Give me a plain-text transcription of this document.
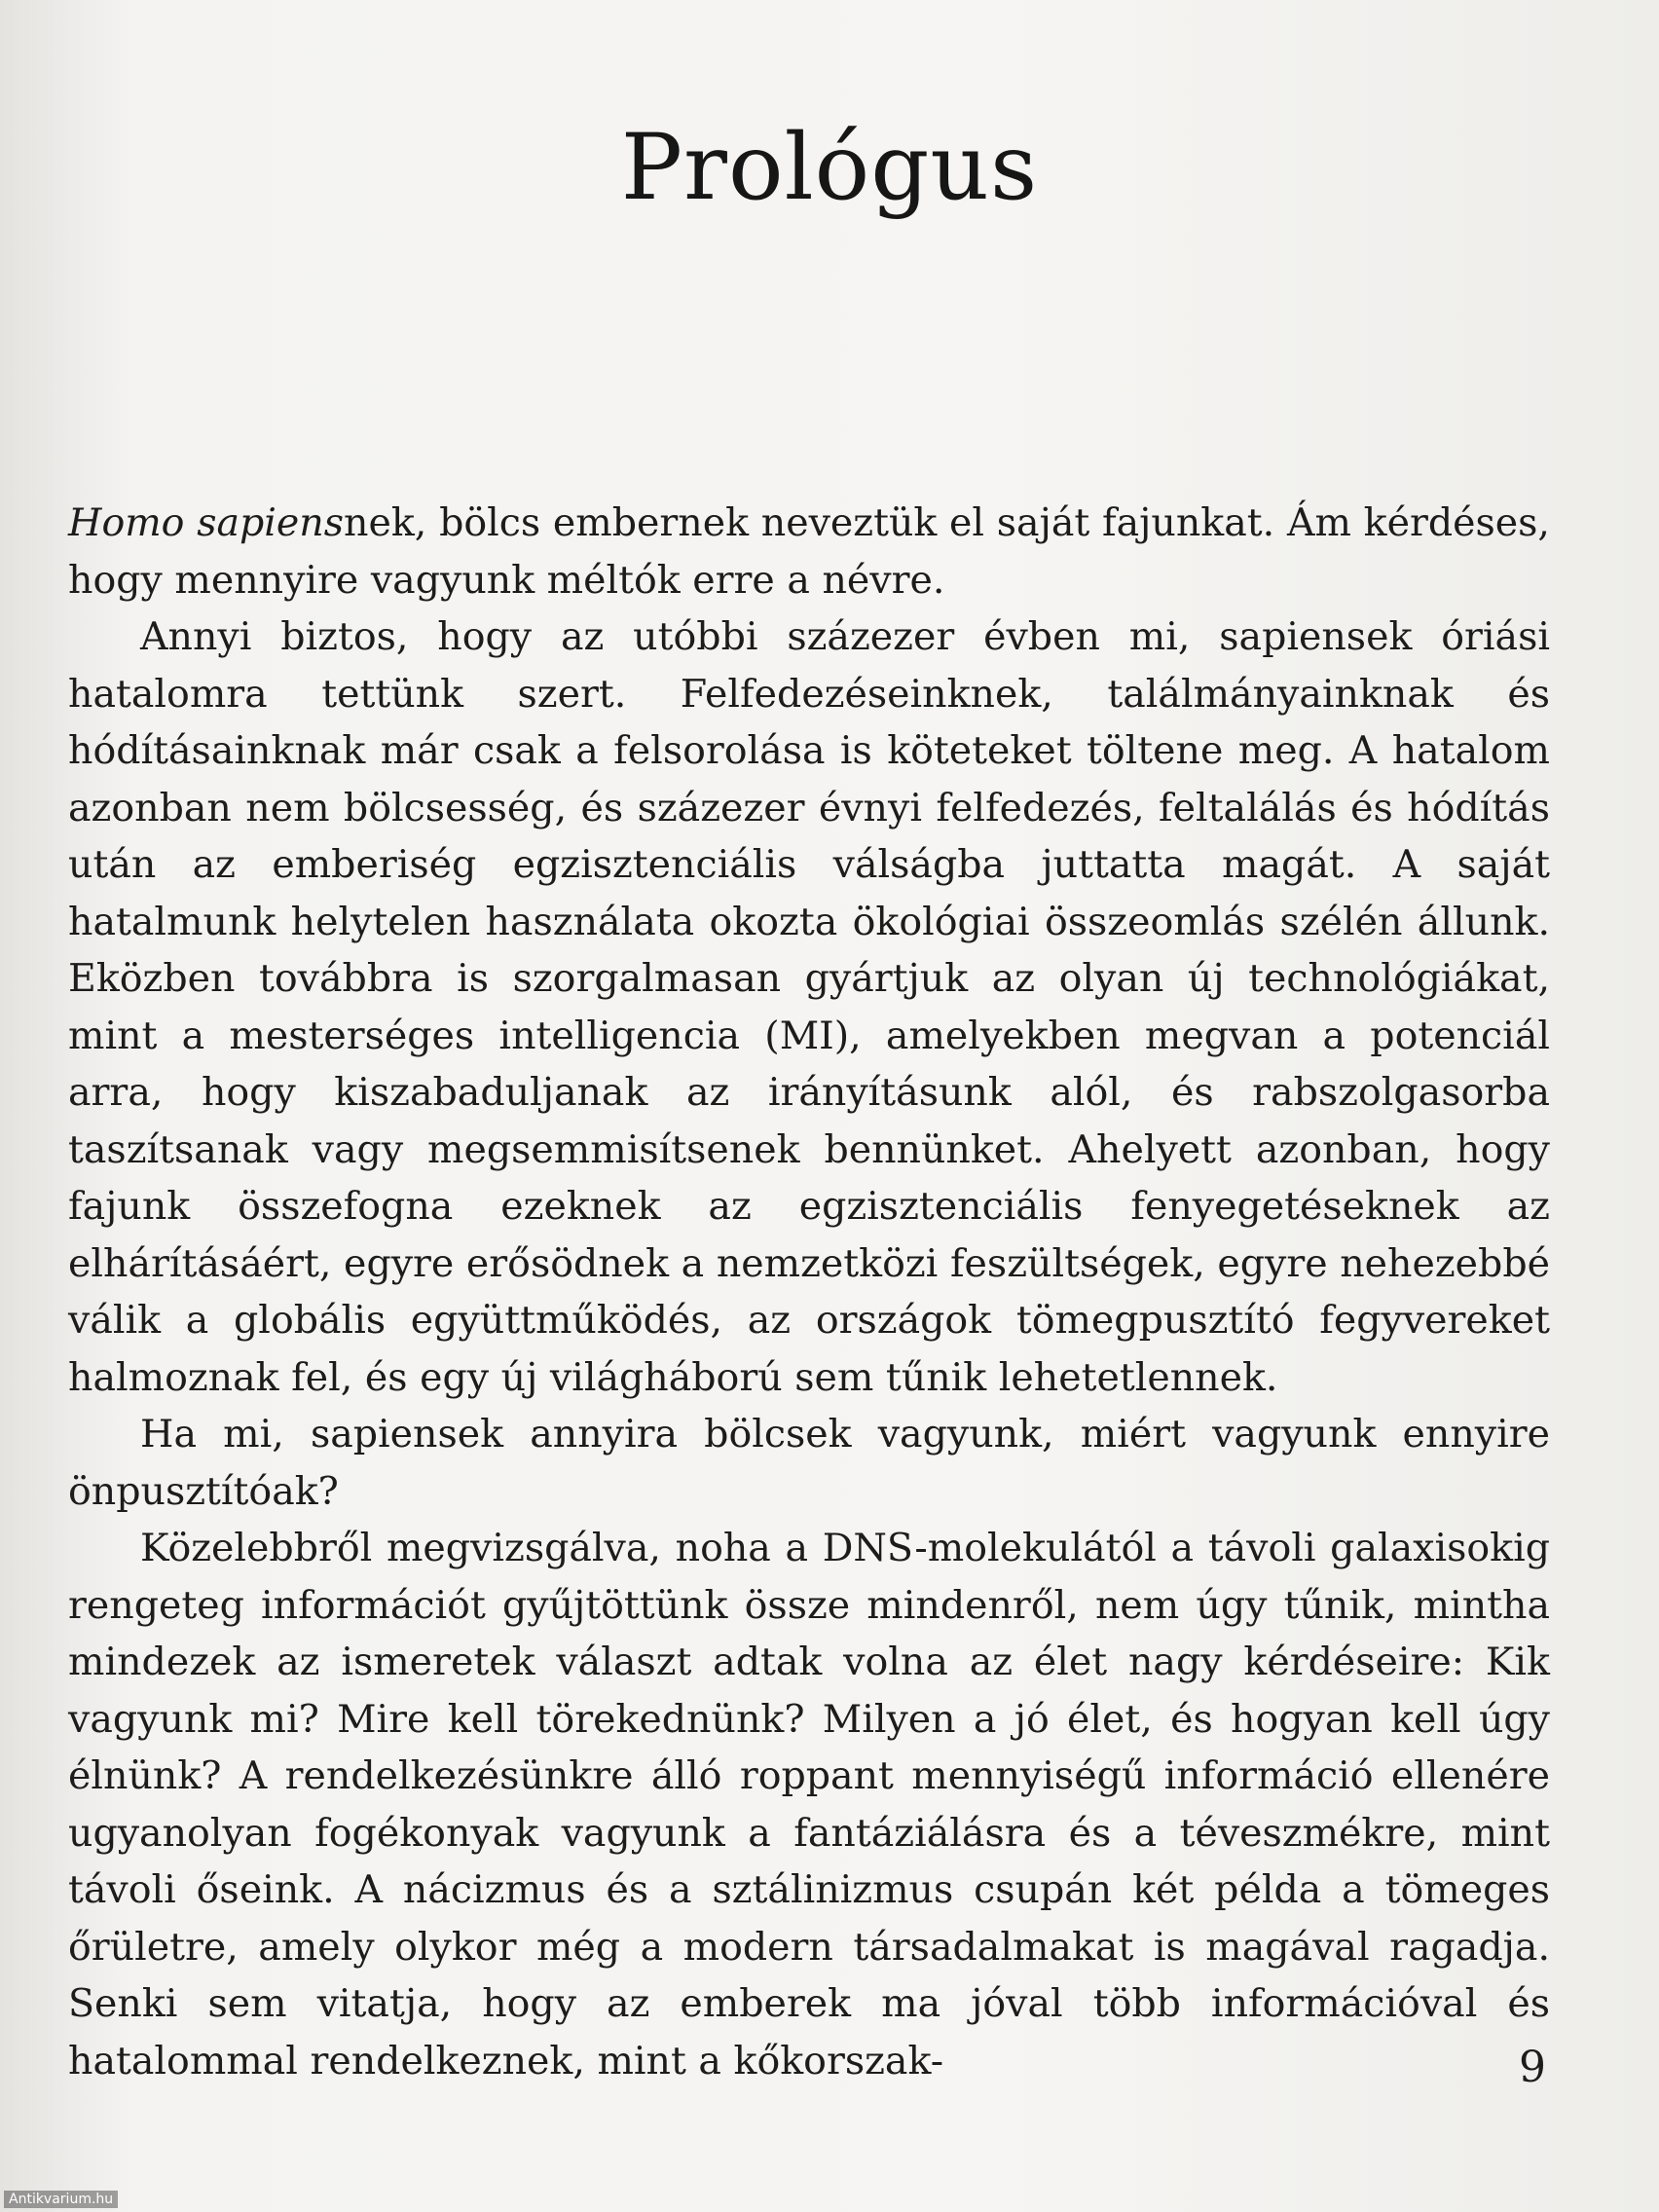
Prológus

Homo sapiensnek, bölcs embernek neveztük el saját fajunkat. Ám kérdéses, hogy mennyire vagyunk méltók erre a névre.

Annyi biztos, hogy az utóbbi százezer évben mi, sapiensek óriási hatalomra tettünk szert. Felfedezéseinknek, találmányainknak és hódításainknak már csak a felsorolása is köteteket töltene meg. A hatalom azonban nem bölcsesség, és százezer évnyi felfedezés, feltalálás és hódítás után az emberiség egzisztenciális válságba juttatta magát. A saját hatalmunk helytelen használata okozta ökológiai összeomlás szélén állunk. Eközben továbbra is szorgalmasan gyártjuk az olyan új technológiákat, mint a mesterséges intelligencia (MI), amelyekben megvan a potenciál arra, hogy kiszabaduljanak az irányításunk alól, és rabszolgasorba taszítsanak vagy megsemmisítsenek bennünket. Ahelyett azonban, hogy fajunk összefogna ezeknek az egzisztenciális fenyegetéseknek az elhárításáért, egyre erősödnek a nemzetközi feszültségek, egyre nehezebbé válik a globális együttműködés, az országok tömegpusztító fegyvereket halmoznak fel, és egy új világháború sem tűnik lehetetlennek.

Ha mi, sapiensek annyira bölcsek vagyunk, miért vagyunk ennyire önpusztítóak?

Közelebbről megvizsgálva, noha a DNS-molekulától a távoli galaxisokig rengeteg információt gyűjtöttünk össze mindenről, nem úgy tűnik, mintha mindezek az ismeretek választ adtak volna az élet nagy kérdéseire: Kik vagyunk mi? Mire kell törekednünk? Milyen a jó élet, és hogyan kell úgy élnünk? A rendelkezésünkre álló roppant mennyiségű információ ellenére ugyanolyan fogékonyak vagyunk a fantáziálásra és a téveszmékre, mint távoli őseink. A nácizmus és a sztálinizmus csupán két példa a tömeges őrületre, amely olykor még a modern társadalmakat is magával ragadja. Senki sem vitatja, hogy az emberek ma jóval több információval és hatalommal rendelkeznek, mint a kőkorszak-	9
Antikvarium.hu
